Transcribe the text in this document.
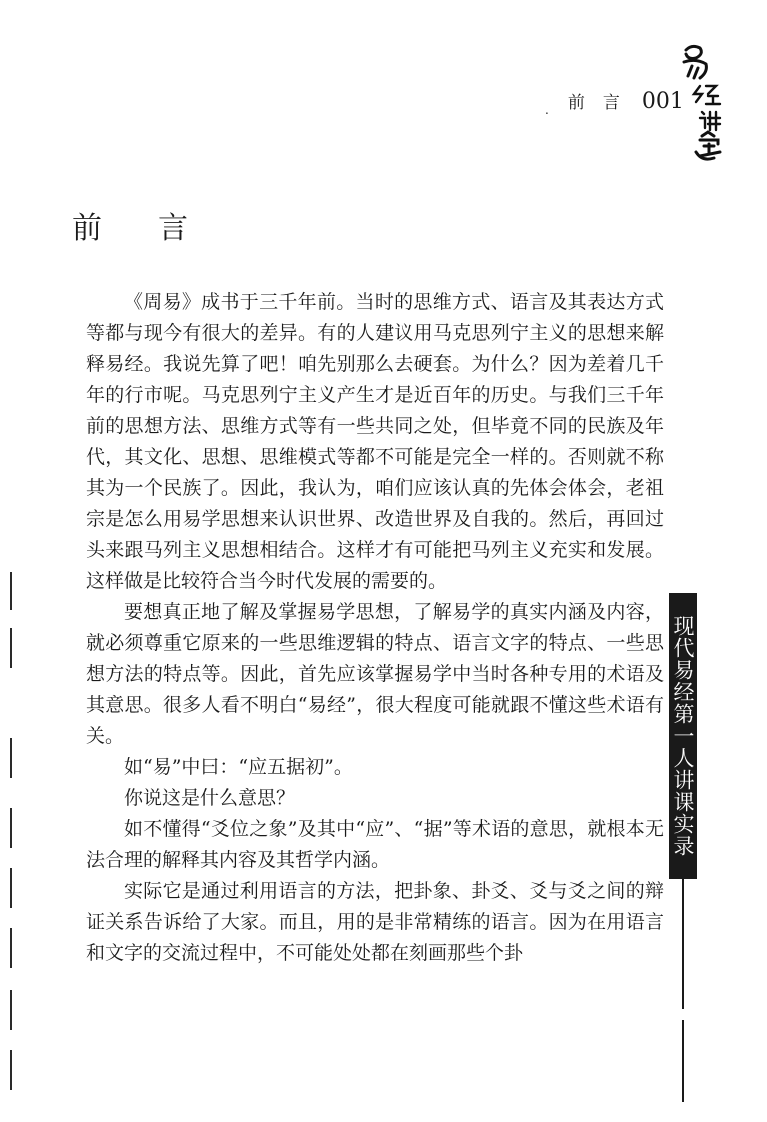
. 前言 001
前言

《周易》成书于三千年前。当时的思维方式、语言及其表达方式等都与现今有很大的差异。有的人建议用马克思列宁主义的思想来解释易经。我说先算了吧！咱先别那么去硬套。为什么？因为差着几千年的行市呢。马克思列宁主义产生才是近百年的历史。与我们三千年前的思想方法、思维方式等有一些共同之处，但毕竟不同的民族及年代，其文化、思想、思维模式等都不可能是完全一样的。否则就不称其为一个民族了。因此，我认为，咱们应该认真的先体会体会，老祖宗是怎么用易学思想来认识世界、改造世界及自我的。然后，再回过头来跟马列主义思想相结合。这样才有可能把马列主义充实和发展。这样做是比较符合当今时代发展的需要的。

要想真正地了解及掌握易学思想，了解易学的真实内涵及内容，就必须尊重它原来的一些思维逻辑的特点、语言文字的特点、一些思想方法的特点等。因此，首先应该掌握易学中当时各种专用的术语及其意思。很多人看不明白“易经”，很大程度可能就跟不懂这些术语有关。

如“易”中曰：“应五据初”。

你说这是什么意思？

如不懂得“爻位之象”及其中“应”、“据”等术语的意思，就根本无法合理的解释其内容及其哲学内涵。

实际它是通过利用语言的方法，把卦象、卦爻、爻与爻之间的辩证关系告诉给了大家。而且，用的是非常精练的语言。因为在用语言和文字的交流过程中，不可能处处都在刻画那些个卦

现代易经第一人讲课实录
